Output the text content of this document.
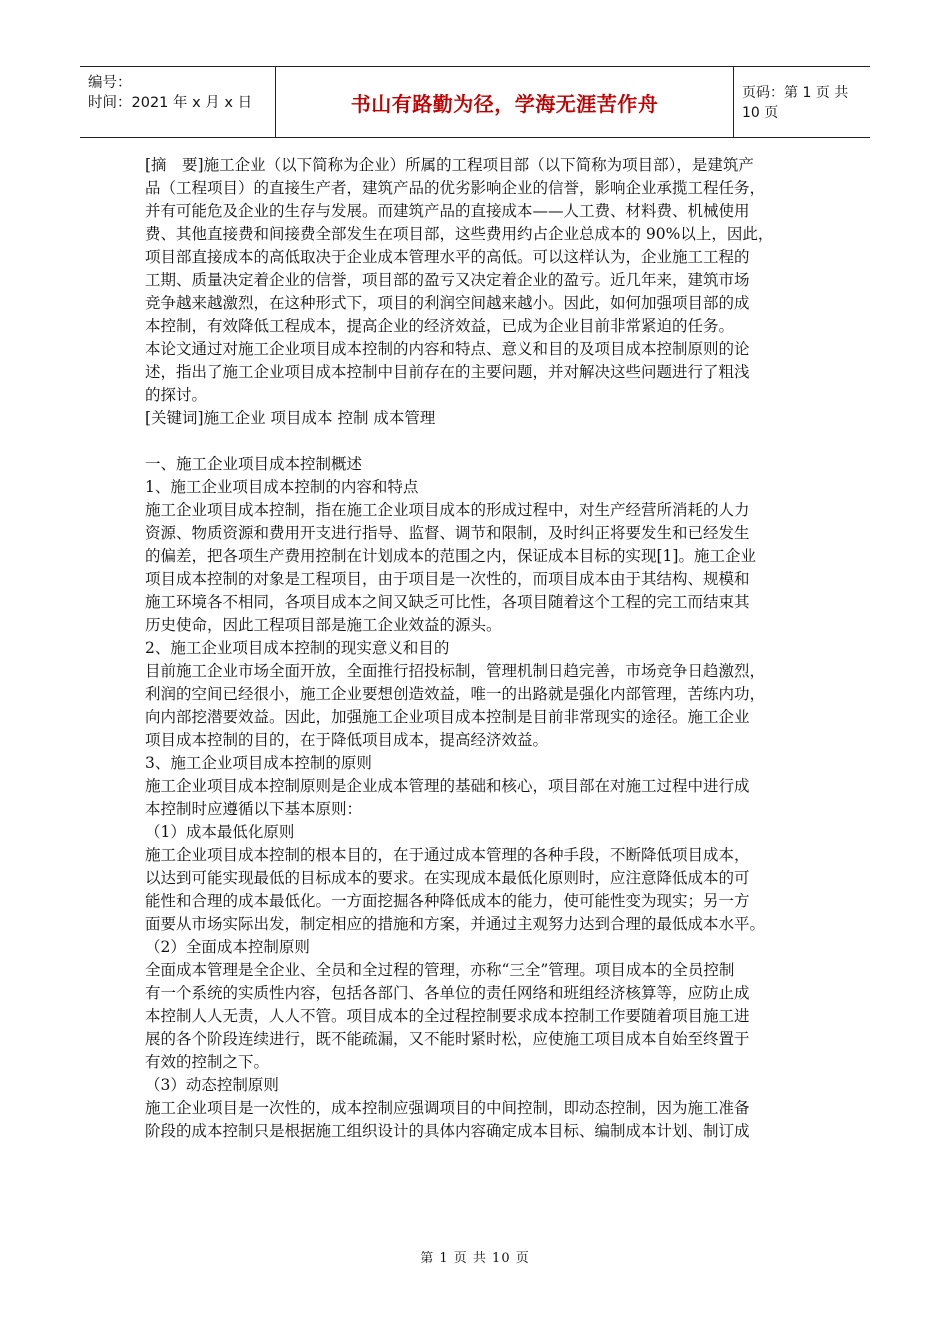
编号：
时间：2021 年 x 月 x 日	书山有路勤为径，学海无涯苦作舟	页码：第 1 页 共 10 页
[摘　要]施工企业（以下简称为企业）所属的工程项目部（以下简称为项目部），是建筑产
品（工程项目）的直接生产者，建筑产品的优劣影响企业的信誉，影响企业承揽工程任务，
并有可能危及企业的生存与发展。而建筑产品的直接成本——人工费、材料费、机械使用
费、其他直接费和间接费全部发生在项目部，这些费用约占企业总成本的 90%以上，因此，
项目部直接成本的高低取决于企业成本管理水平的高低。可以这样认为，企业施工工程的
工期、质量决定着企业的信誉，项目部的盈亏又决定着企业的盈亏。近几年来，建筑市场
竞争越来越激烈，在这种形式下，项目的利润空间越来越小。因此，如何加强项目部的成
本控制，有效降低工程成本，提高企业的经济效益，已成为企业目前非常紧迫的任务。
本论文通过对施工企业项目成本控制的内容和特点、意义和目的及项目成本控制原则的论
述，指出了施工企业项目成本控制中目前存在的主要问题，并对解决这些问题进行了粗浅
的探讨。
[关键词]施工企业 项目成本 控制 成本管理
一、施工企业项目成本控制概述
1、施工企业项目成本控制的内容和特点
施工企业项目成本控制，指在施工企业项目成本的形成过程中，对生产经营所消耗的人力
资源、物质资源和费用开支进行指导、监督、调节和限制，及时纠正将要发生和已经发生
的偏差，把各项生产费用控制在计划成本的范围之内，保证成本目标的实现[1]。施工企业
项目成本控制的对象是工程项目，由于项目是一次性的，而项目成本由于其结构、规模和
施工环境各不相同，各项目成本之间又缺乏可比性，各项目随着这个工程的完工而结束其
历史使命，因此工程项目部是施工企业效益的源头。
2、施工企业项目成本控制的现实意义和目的
目前施工企业市场全面开放，全面推行招投标制，管理机制日趋完善，市场竞争日趋激烈，
利润的空间已经很小，施工企业要想创造效益，唯一的出路就是强化内部管理，苦练内功，
向内部挖潜要效益。因此，加强施工企业项目成本控制是目前非常现实的途径。施工企业
项目成本控制的目的，在于降低项目成本，提高经济效益。
3、施工企业项目成本控制的原则
施工企业项目成本控制原则是企业成本管理的基础和核心，项目部在对施工过程中进行成
本控制时应遵循以下基本原则：
（1）成本最低化原则
施工企业项目成本控制的根本目的，在于通过成本管理的各种手段，不断降低项目成本，
以达到可能实现最低的目标成本的要求。在实现成本最低化原则时，应注意降低成本的可
能性和合理的成本最低化。一方面挖掘各种降低成本的能力，使可能性变为现实；另一方
面要从市场实际出发，制定相应的措施和方案，并通过主观努力达到合理的最低成本水平。
（2）全面成本控制原则
全面成本管理是全企业、全员和全过程的管理，亦称“三全”管理。项目成本的全员控制
有一个系统的实质性内容，包括各部门、各单位的责任网络和班组经济核算等，应防止成
本控制人人无责，人人不管。项目成本的全过程控制要求成本控制工作要随着项目施工进
展的各个阶段连续进行，既不能疏漏，又不能时紧时松，应使施工项目成本自始至终置于
有效的控制之下。
（3）动态控制原则
施工企业项目是一次性的，成本控制应强调项目的中间控制，即动态控制，因为施工准备
阶段的成本控制只是根据施工组织设计的具体内容确定成本目标、编制成本计划、制订成
第 1 页 共 10 页
